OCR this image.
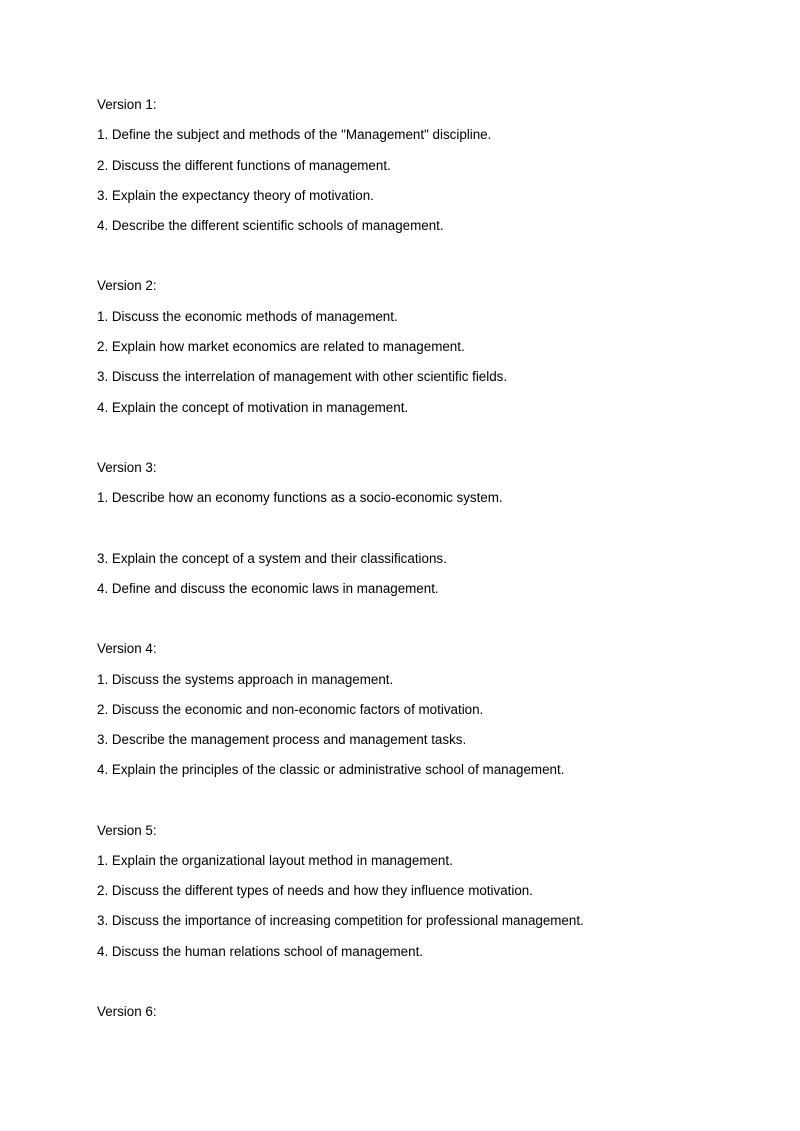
Version 1:
1. Define the subject and methods of the "Management" discipline.
2. Discuss the different functions of management.
3. Explain the expectancy theory of motivation.
4. Describe the different scientific schools of management.
Version 2:
1. Discuss the economic methods of management.
2. Explain how market economics are related to management.
3. Discuss the interrelation of management with other scientific fields.
4. Explain the concept of motivation in management.
Version 3:
1. Describe how an economy functions as a socio-economic system.
3. Explain the concept of a system and their classifications.
4. Define and discuss the economic laws in management.
Version 4:
1. Discuss the systems approach in management.
2. Discuss the economic and non-economic factors of motivation.
3. Describe the management process and management tasks.
4. Explain the principles of the classic or administrative school of management.
Version 5:
1. Explain the organizational layout method in management.
2. Discuss the different types of needs and how they influence motivation.
3. Discuss the importance of increasing competition for professional management.
4. Discuss the human relations school of management.
Version 6:
